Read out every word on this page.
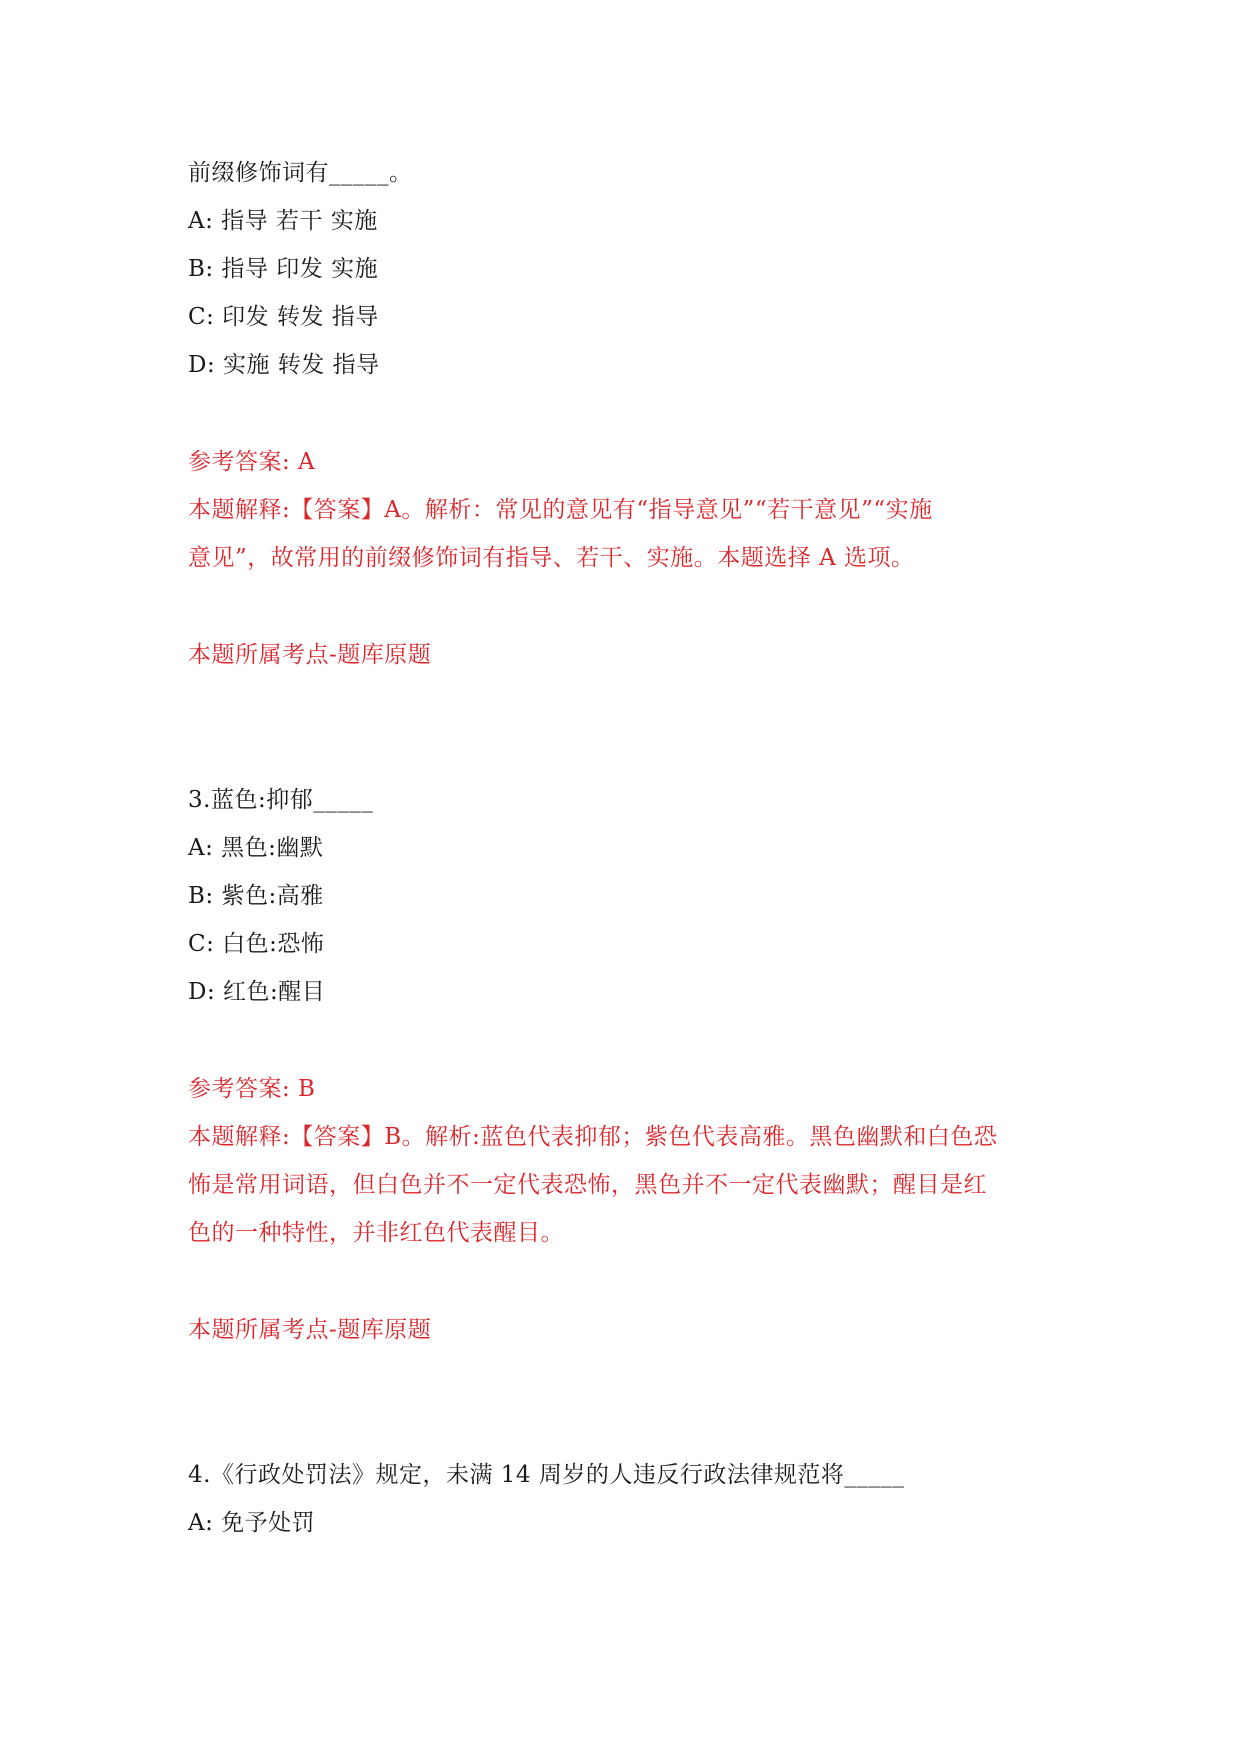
前缀修饰词有_____。
A: 指导 若干 实施
B: 指导 印发 实施
C: 印发 转发 指导
D: 实施 转发 指导
参考答案: A
本题解释:【答案】A。解析：常见的意见有“指导意见”“若干意见”“实施
意见”，故常用的前缀修饰词有指导、若干、实施。本题选择 A 选项。
本题所属考点-题库原题
3.蓝色:抑郁_____
A: 黑色:幽默
B: 紫色:高雅
C: 白色:恐怖
D: 红色:醒目
参考答案: B
本题解释:【答案】B。解析:蓝色代表抑郁；紫色代表高雅。黑色幽默和白色恐
怖是常用词语，但白色并不一定代表恐怖，黑色并不一定代表幽默；醒目是红
色的一种特性，并非红色代表醒目。
本题所属考点-题库原题
4.《行政处罚法》规定，未满 14 周岁的人违反行政法律规范将_____
A: 免予处罚
